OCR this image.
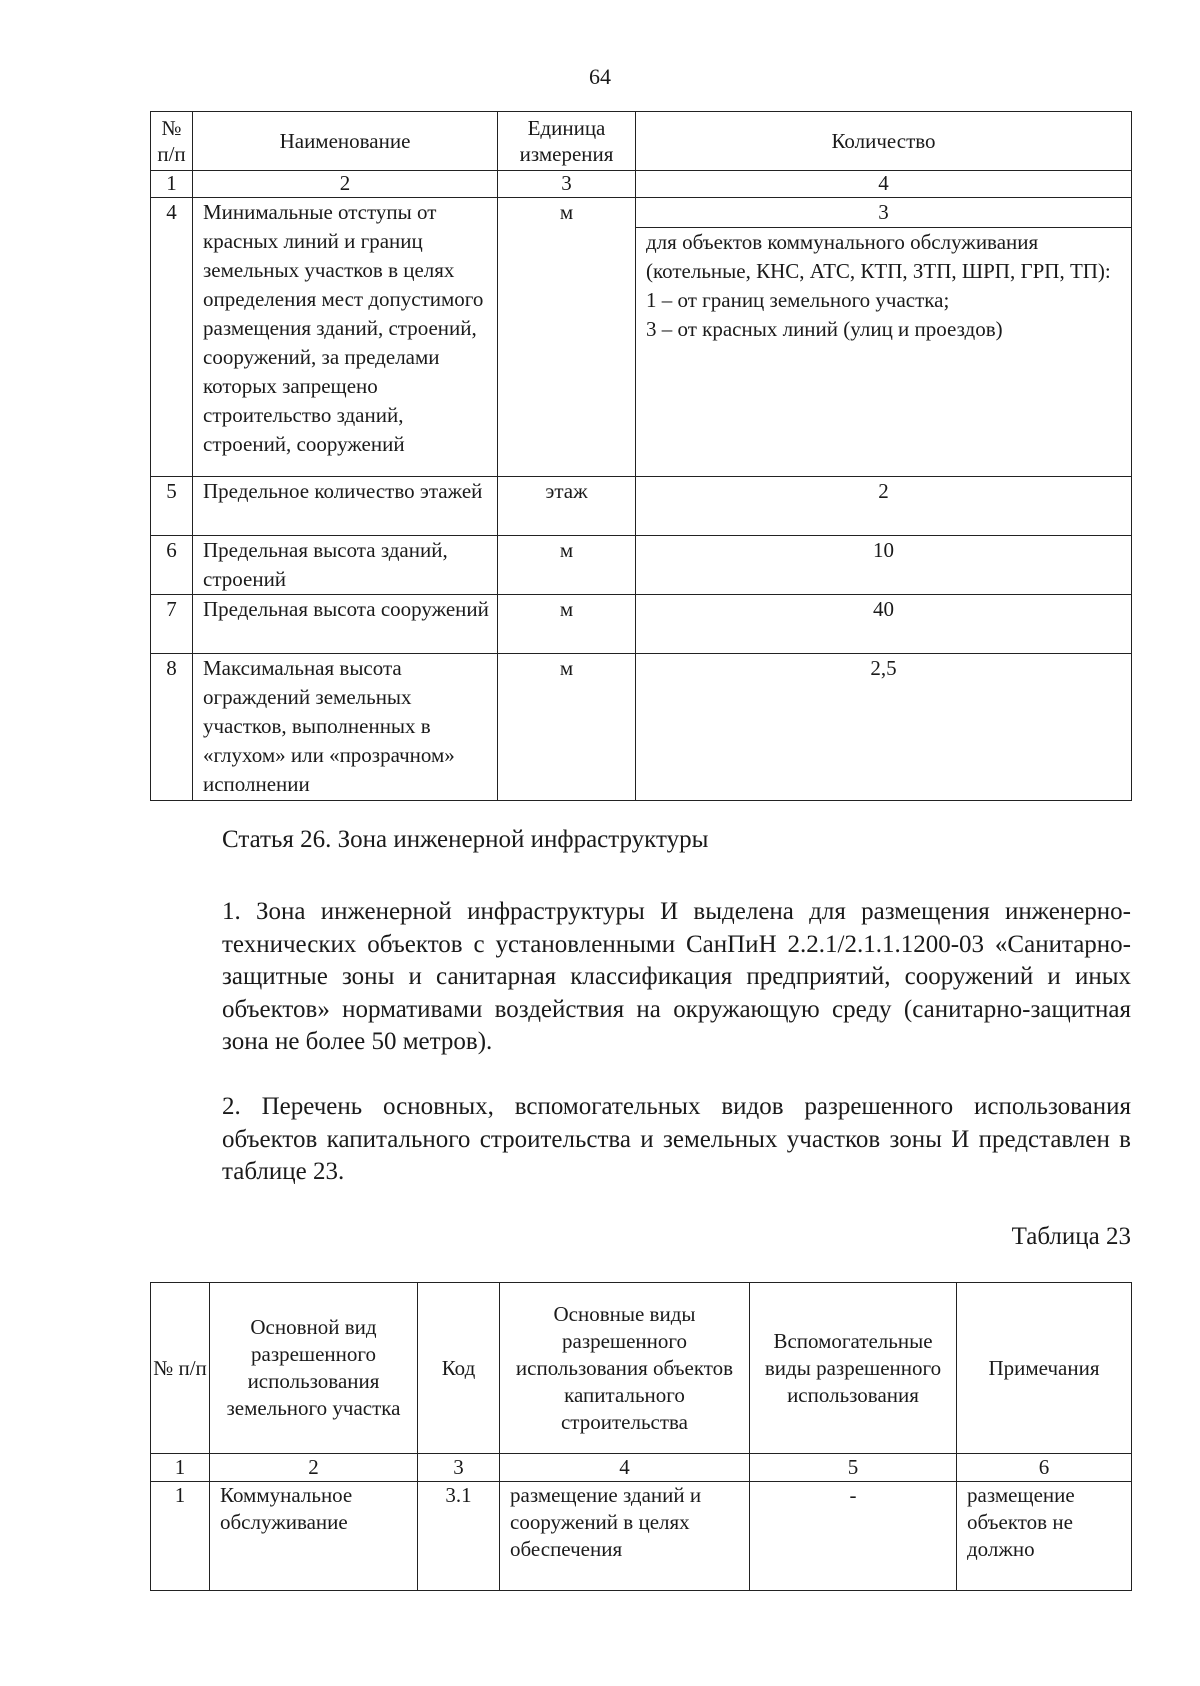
64
№ п/п	Наименование	Единица измерения	Количество
1	2	3	4
4	Минимальные отступы от красных линий и границ земельных участков в целях определения мест допустимого размещения зданий, строений, сооружений, за пределами которых запрещено строительство зданий, строений, сооружений	м	3

			для объектов коммунального обслуживания (котельные, КНС, АТС, КТП, ЗТП, ШРП, ГРП, ТП):
1 – от границ земельного участка;
3 – от красных линий (улиц и проездов)

5	Предельное количество этажей	этаж	2
6	Предельная высота зданий, строений	м	10
7	Предельная высота сооружений	м	40
8	Максимальная высота ограждений земельных участков, выполненных в «глухом» или «прозрачном» исполнении	м	2,5
Статья 26. Зона инженерной инфраструктуры
1. Зона инженерной инфраструктуры И выделена для размещения инженерно-технических объектов с установленными СанПиН 2.2.1/2.1.1.1200-03 «Санитарно-защитные зоны и санитарная классификация предприятий, сооружений и иных объектов» нормативами воздействия на окружающую среду (санитарно-защитная зона не более 50 метров).
2. Перечень основных, вспомогательных видов разрешенного использования объектов капитального строительства и земельных участков зоны И представлен в таблице 23.
Таблица 23
№ п/п	Основной вид разрешенного использования земельного участка	Код	Основные виды разрешенного использования объектов капитального строительства	Вспомогательные виды разрешенного использования	Примечания
1	2	3	4	5	6
1	Коммунальное обслуживание	3.1	размещение зданий и сооружений в целях обеспечения	-	размещение объектов не должно
